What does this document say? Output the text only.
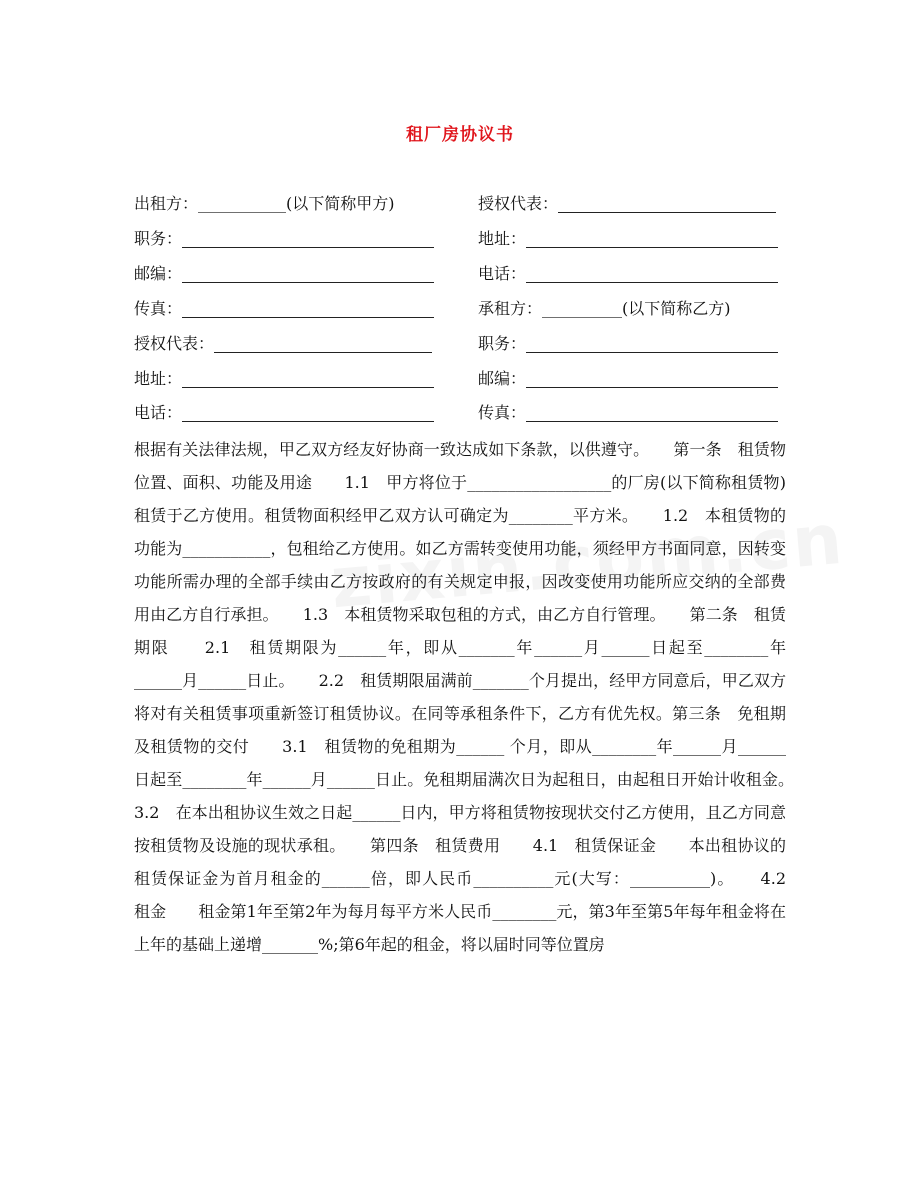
租厂房协议书
出租方：___________(以下简称甲方)	授权代表：
职务：	地址：
邮编：	电话：
传真：	承租方：__________(以下简称乙方)
授权代表：	职务：
地址：	邮编：
电话：	传真：
根据有关法律法规，甲乙双方经友好协商一致达成如下条款，以供遵守。　　第一条　租赁物位置、面积、功能及用途　　1.1　甲方将位于__________________的厂房(以下简称租赁物)租赁于乙方使用。租赁物面积经甲乙双方认可确定为________平方米。　　1.2　本租赁物的功能为___________，包租给乙方使用。如乙方需转变使用功能，须经甲方书面同意，因转变功能所需办理的全部手续由乙方按政府的有关规定申报，因改变使用功能所应交纳的全部费用由乙方自行承担。　　1.3　本租赁物采取包租的方式，由乙方自行管理。　　第二条　租赁期限　　2.1　租赁期限为______年，即从_______年______月______日起至________年______月______日止。　　2.2　租赁期限届满前_______个月提出，经甲方同意后，甲乙双方将对有关租赁事项重新签订租赁协议。在同等承租条件下，乙方有优先权。第三条　免租期及租赁物的交付　　3.1　租赁物的免租期为______ 个月，即从________年______月______日起至________年______月______日止。免租期届满次日为起租日，由起租日开始计收租金。　　3.2　在本出租协议生效之日起______日内，甲方将租赁物按现状交付乙方使用，且乙方同意按租赁物及设施的现状承租。　　第四条　租赁费用　　4.1　租赁保证金　　本出租协议的租赁保证金为首月租金的______倍，即人民币__________元(大写：__________)。　　4.2　租金　　租金第1年至第2年为每月每平方米人民币________元，第3年至第5年每年租金将在上年的基础上递增_______%;第6年起的租金，将以届时同等位置房
